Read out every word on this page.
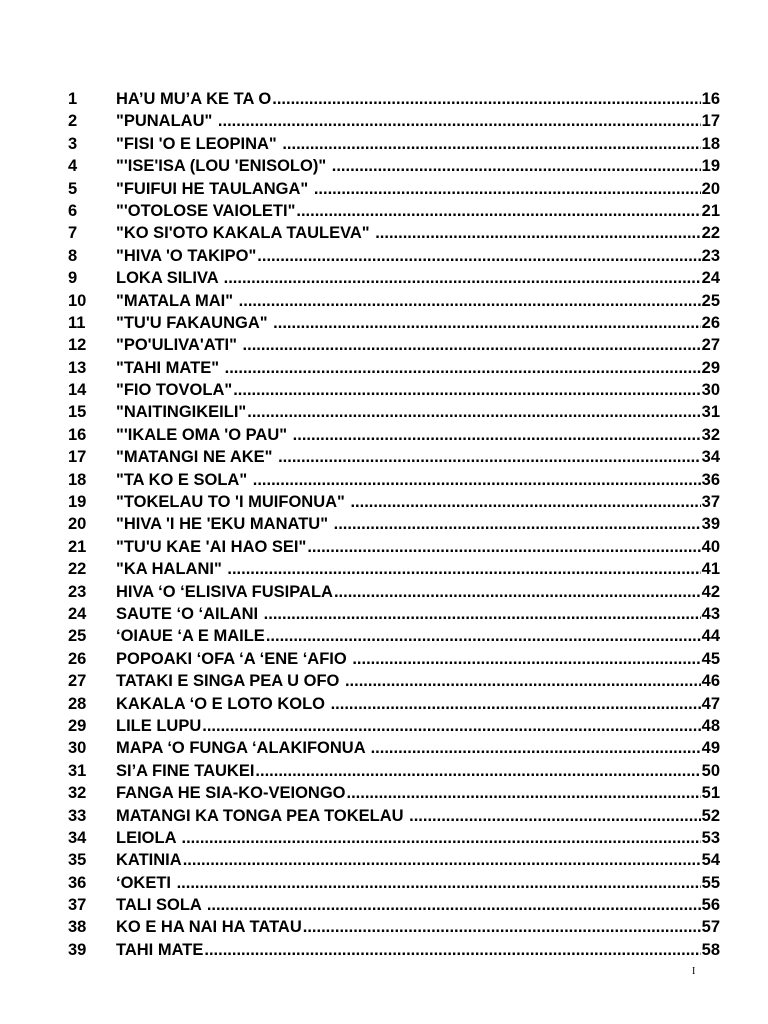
1	HA’U MU’A KE TA O .....	16
2	"PUNALAU" .....	17
3	"FISI 'O E LEOPINA" .....	18
4	"'ISE'ISA (LOU 'ENISOLO)" .....	19
5	"FUIFUI HE TAULANGA" .....	20
6	"'OTOLOSE VAIOLETI" .....	21
7	"KO SI'OTO KAKALA TAULEVA" .....	22
8	"HIVA 'O TAKIPO" .....	23
9	LOKA SILIVA .....	24
10	"MATALA MAI" .....	25
11	"TU'U FAKAUNGA" .....	26
12	"PO'ULIVA'ATI" .....	27
13	"TAHI MATE" .....	29
14	"FIO TOVOLA" .....	30
15	"NAITINGIKEILI" .....	31
16	"'IKALE OMA 'O PAU" .....	32
17	"MATANGI NE AKE" .....	34
18	"TA KO E SOLA" .....	36
19	"TOKELAU TO 'I MUIFONUA" .....	37
20	"HIVA 'I HE 'EKU MANATU" .....	39
21	"TU'U KAE 'AI HAO SEI" .....	40
22	"KA HALANI" .....	41
23	HIVA ‘O ‘ELISIVA FUSIPALA .....	42
24	SAUTE ‘O ‘AILANI .....	43
25	‘OIAUE ‘A E MAILE .....	44
26	POPOAKI ‘OFA ‘A ‘ENE ‘AFIO .....	45
27	TATAKI E SINGA PEA U OFO .....	46
28	KAKALA ‘O E LOTO KOLO .....	47
29	LILE LUPU .....	48
30	MAPA ‘O FUNGA ‘ALAKIFONUA .....	49
31	SI’A FINE TAUKEI .....	50
32	FANGA HE SIA-KO-VEIONGO .....	51
33	MATANGI KA TONGA PEA TOKELAU .....	52
34	LEIOLA .....	53
35	KATINIA .....	54
36	‘OKETI .....	55
37	TALI SOLA .....	56
38	KO E HA NAI HA TATAU .....	57
39	TAHI MATE .....	58
I
